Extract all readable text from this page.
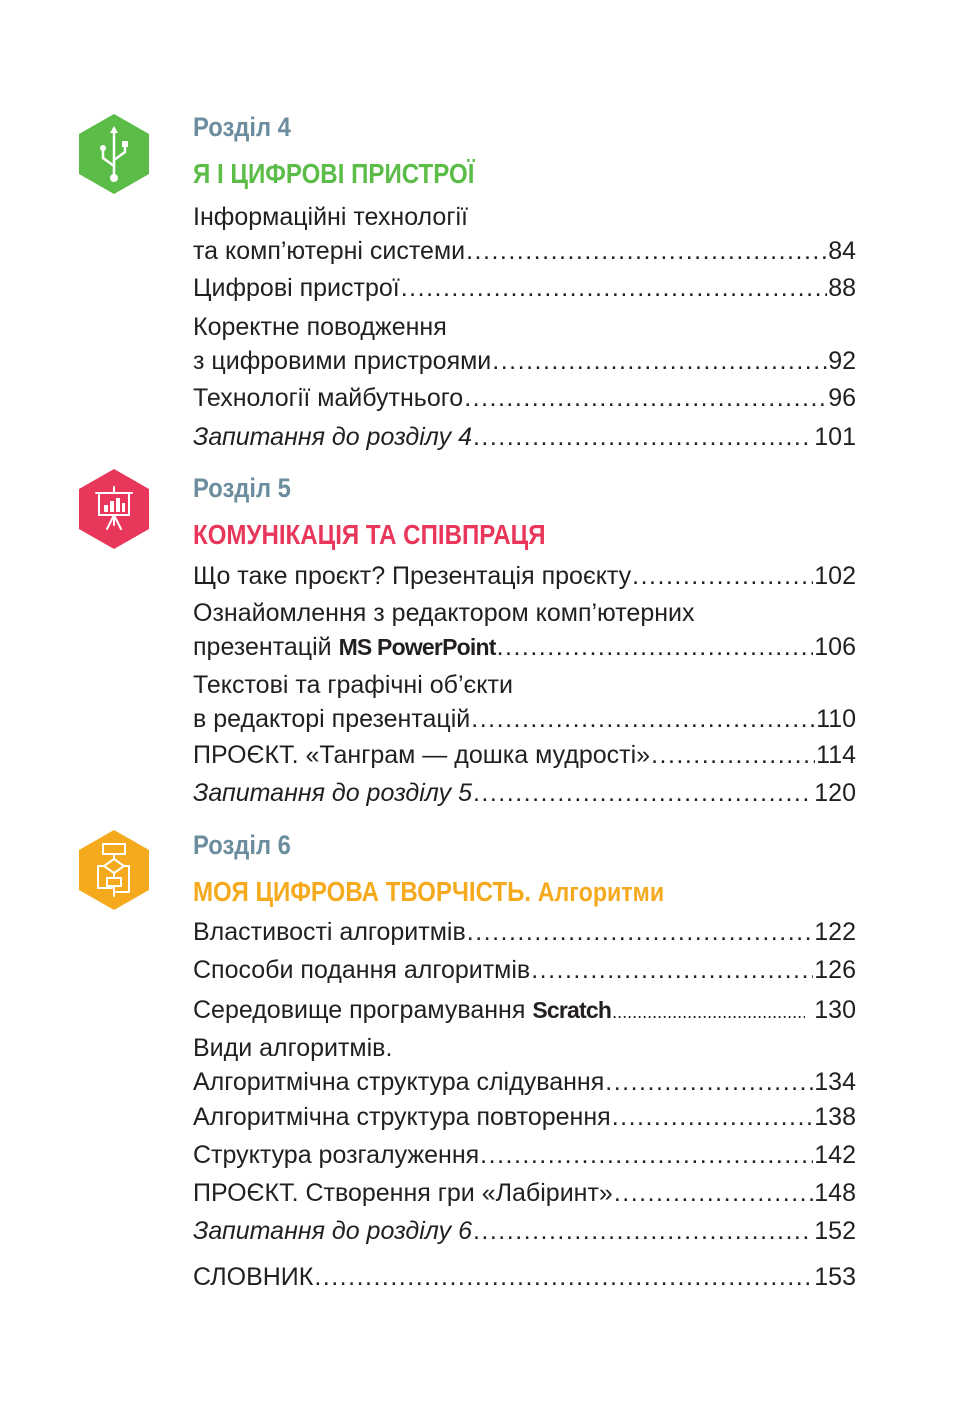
Розділ 4
Я І ЦИФРОВІ ПРИСТРОЇ
Інформаційні технології
та комп’ютерні системи .....	84
Цифрові пристрої .....	88
Коректне поводження
з цифровими пристроями .....	92
Технології майбутнього .....	96
Запитання до розділу 4 .....	101
Розділ 5
КОМУНІКАЦІЯ ТА СПІВПРАЦЯ
Що таке проєкт? Презентація проєкту .....	102
Ознайомлення з редактором комп’ютерних
презентацій MS PowerPoint .....	106
Текстові та графічні об’єкти
в редакторі презентацій .....	110
ПРОЄКТ. «Танграм — дошка мудрості» .....	114
Запитання до розділу 5 .....	120
Розділ 6
МОЯ ЦИФРОВА ТВОРЧІСТЬ. Алгоритми
Властивості алгоритмів .....	122
Способи подання алгоритмів .....	126
Середовище програмування Scratch .....	130
Види алгоритмів.
Алгоритмічна структура слідування .....	134
Алгоритмічна структура повторення .....	138
Структура розгалуження .....	142
ПРОЄКТ. Створення гри «Лабіринт» .....	148
Запитання до розділу 6 .....	152
СЛОВНИК .....	153
